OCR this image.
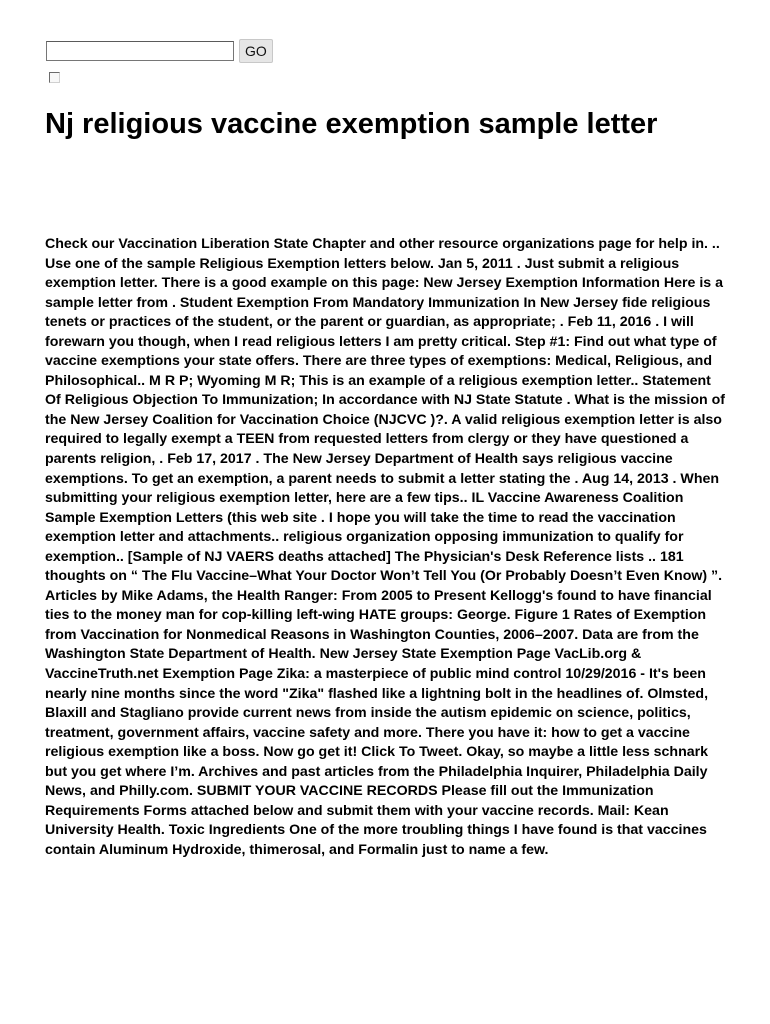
GO
Nj religious vaccine exemption sample letter

Check our Vaccination Liberation State Chapter and other resource organizations page for help in. .. Use one of the sample Religious Exemption letters below. Jan 5, 2011 . Just submit a religious exemption letter. There is a good example on this page: New Jersey Exemption Information Here is a sample letter from . Student Exemption From Mandatory Immunization In New Jersey fide religious tenets or practices of the student, or the parent or guardian, as appropriate; . Feb 11, 2016 . I will forewarn you though, when I read religious letters I am pretty critical. Step #1: Find out what type of vaccine exemptions your state offers. There are three types of exemptions: Medical, Religious, and Philosophical.. M R P; Wyoming M R; This is an example of a religious exemption letter.. Statement Of Religious Objection To Immunization; In accordance with NJ State Statute . What is the mission of the New Jersey Coalition for Vaccination Choice (NJCVC )?. A valid religious exemption letter is also required to legally exempt a TEEN from requested letters from clergy or they have questioned a parents religion, . Feb 17, 2017 . The New Jersey Department of Health says religious vaccine exemptions. To get an exemption, a parent needs to submit a letter stating the . Aug 14, 2013 . When submitting your religious exemption letter, here are a few tips.. IL Vaccine Awareness Coalition Sample Exemption Letters (this web site . I hope you will take the time to read the vaccination exemption letter and attachments.. religious organization opposing immunization to qualify for exemption.. [Sample of NJ VAERS deaths attached] The Physician's Desk Reference lists .. 181 thoughts on “ The Flu Vaccine–What Your Doctor Won’t Tell You (Or Probably Doesn’t Even Know) ”. Articles by Mike Adams, the Health Ranger: From 2005 to Present Kellogg's found to have financial ties to the money man for cop-killing left-wing HATE groups: George. Figure 1 Rates of Exemption from Vaccination for Nonmedical Reasons in Washington Counties, 2006–2007. Data are from the Washington State Department of Health. New Jersey State Exemption Page VacLib.org & VaccineTruth.net Exemption Page Zika: a masterpiece of public mind control 10/29/2016 - It's been nearly nine months since the word "Zika" flashed like a lightning bolt in the headlines of. Olmsted, Blaxill and Stagliano provide current news from inside the autism epidemic on science, politics, treatment, government affairs, vaccine safety and more. There you have it: how to get a vaccine religious exemption like a boss. Now go get it! Click To Tweet. Okay, so maybe a little less schnark but you get where I’m. Archives and past articles from the Philadelphia Inquirer, Philadelphia Daily News, and Philly.com. SUBMIT YOUR VACCINE RECORDS Please fill out the Immunization Requirements Forms attached below and submit them with your vaccine records. Mail: Kean University Health. Toxic Ingredients One of the more troubling things I have found is that vaccines contain Aluminum Hydroxide, thimerosal, and Formalin just to name a few.
